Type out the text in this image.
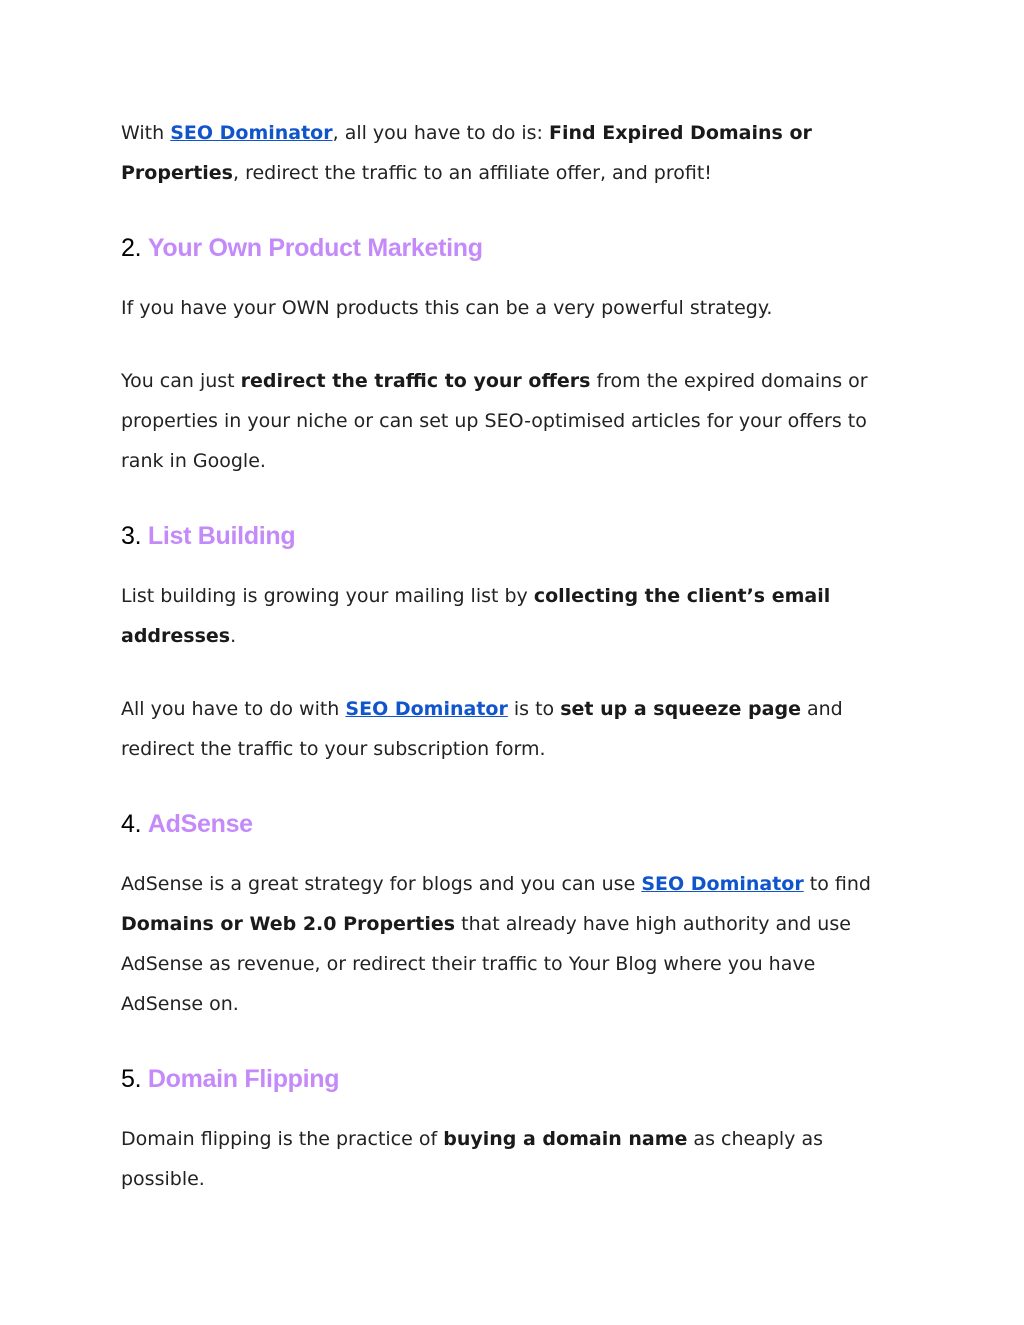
With SEO Dominator, all you have to do is: Find Expired Domains or Properties, redirect the traffic to an affiliate offer, and profit!

2. Your Own Product Marketing

If you have your OWN products this can be a very powerful strategy.

You can just redirect the traffic to your offers from the expired domains or properties in your niche or can set up SEO-optimised articles for your offers to rank in Google.

3. List Building

List building is growing your mailing list by collecting the client’s email addresses.

All you have to do with SEO Dominator is to set up a squeeze page and redirect the traffic to your subscription form.

4. AdSense

AdSense is a great strategy for blogs and you can use SEO Dominator to find Domains or Web 2.0 Properties that already have high authority and use AdSense as revenue, or redirect their traffic to Your Blog where you have AdSense on.

5. Domain Flipping

Domain flipping is the practice of buying a domain name as cheaply as possible.
